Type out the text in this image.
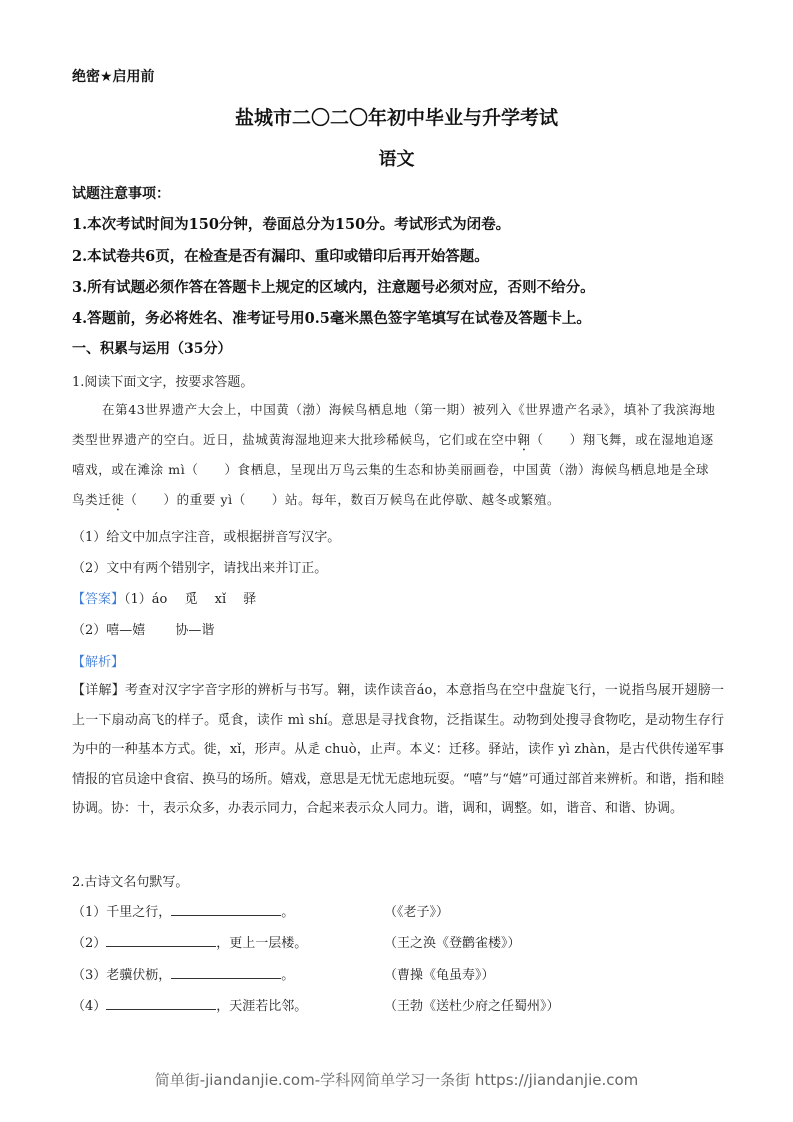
绝密★启用前
盐城市二〇二〇年初中毕业与升学考试
语文
试题注意事项：
1.本次考试时间为150分钟，卷面总分为150分。考试形式为闭卷。
2.本试卷共6页，在检查是否有漏印、重印或错印后再开始答题。
3.所有试题必须作答在答题卡上规定的区域内，注意题号必须对应，否则不给分。
4.答题前，务必将姓名、准考证号用0.5毫米黑色签字笔填写在试卷及答题卡上。
一、积累与运用（35分）
1.阅读下面文字，按要求答题。
在第43世界遗产大会上，中国黄（渤）海候鸟栖息地（第一期）被列入《世界遗产名录》，填补了我滨海地类型世界遗产的空白。近日，盐城黄海湿地迎来大批珍稀候鸟，它们或在空中翱（ ）翔飞舞，或在湿地追逐嘻戏，或在滩涂 mì（ ）食栖息，呈现出万鸟云集的生态和协美丽画卷，中国黄（渤）海候鸟栖息地是全球鸟类迁徙（ ）的重要 yì（ ）站。每年，数百万候鸟在此停歇、越冬或繁殖。
（1）给文中加点字注音，或根据拼音写汉字。
（2）文中有两个错别字，请找出来并订正。
【答案】（1）áo　 觅　 xǐ　 驿
（2）嘻—嬉　　 协—谐
【解析】
【详解】考查对汉字字音字形的辨析与书写。翱，读作读音áo，本意指鸟在空中盘旋飞行，一说指鸟展开翅膀一上一下扇动高飞的样子。觅食，读作 mì shí。意思是寻找食物，泛指谋生。动物到处搜寻食物吃，是动物生存行为中的一种基本方式。徙，xǐ，形声。从辵 chuò，止声。本义：迁移。驿站，读作 yì zhàn，是古代供传递军事情报的官员途中食宿、换马的场所。嬉戏，意思是无忧无虑地玩耍。“嘻”与“嬉”可通过部首来辨析。和谐，指和睦协调。协：十，表示众多，办表示同力，合起来表示众人同力。谐，调和，调整。如，谐音、和谐、协调。
2.古诗文名句默写。
（1）千里之行，	。	（《老子》）
（2）	，更上一层楼。	（王之涣《登鹳雀楼》）
（3）老骥伏枥，	。	（曹操《龟虽寿》）
（4）	，天涯若比邻。	（王勃《送杜少府之任蜀州》）
简单街-jiandanjie.com-学科网简单学习一条街 https://jiandanjie.com
